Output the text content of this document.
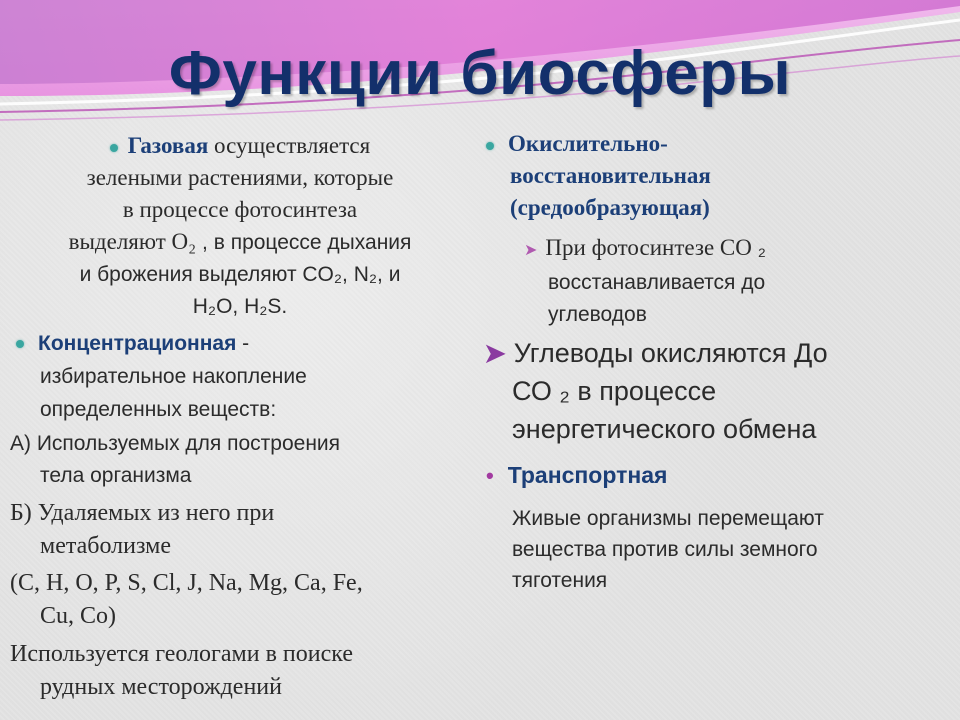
Функции биосферы
Газовая осуществляется
зелеными растениями, которые
в процессе фотосинтеза
выделяют О₂ , в процессе дыхания
и брожения выделяют CO₂, N₂, и
H₂O, H₂S.
Концентрационная -
избирательное накопление
определенных веществ:
А) Используемых для построения
тела организма
Б) Удаляемых из него при
метаболизме
(C, H, O, P, S, Cl, J, Na, Mg, Ca, Fe,
Cu, Co)
Используется геологами в поиске
рудных месторождений
Окислительно-
восстановительная
(средообразующая)
➤ При фотосинтезе СО ₂
восстанавливается до
углеводов
➤ Углеводы окисляются До
СО ₂ в процессе
энергетического обмена
• Транспортная
Живые организмы перемещают
вещества против силы земного
тяготения
